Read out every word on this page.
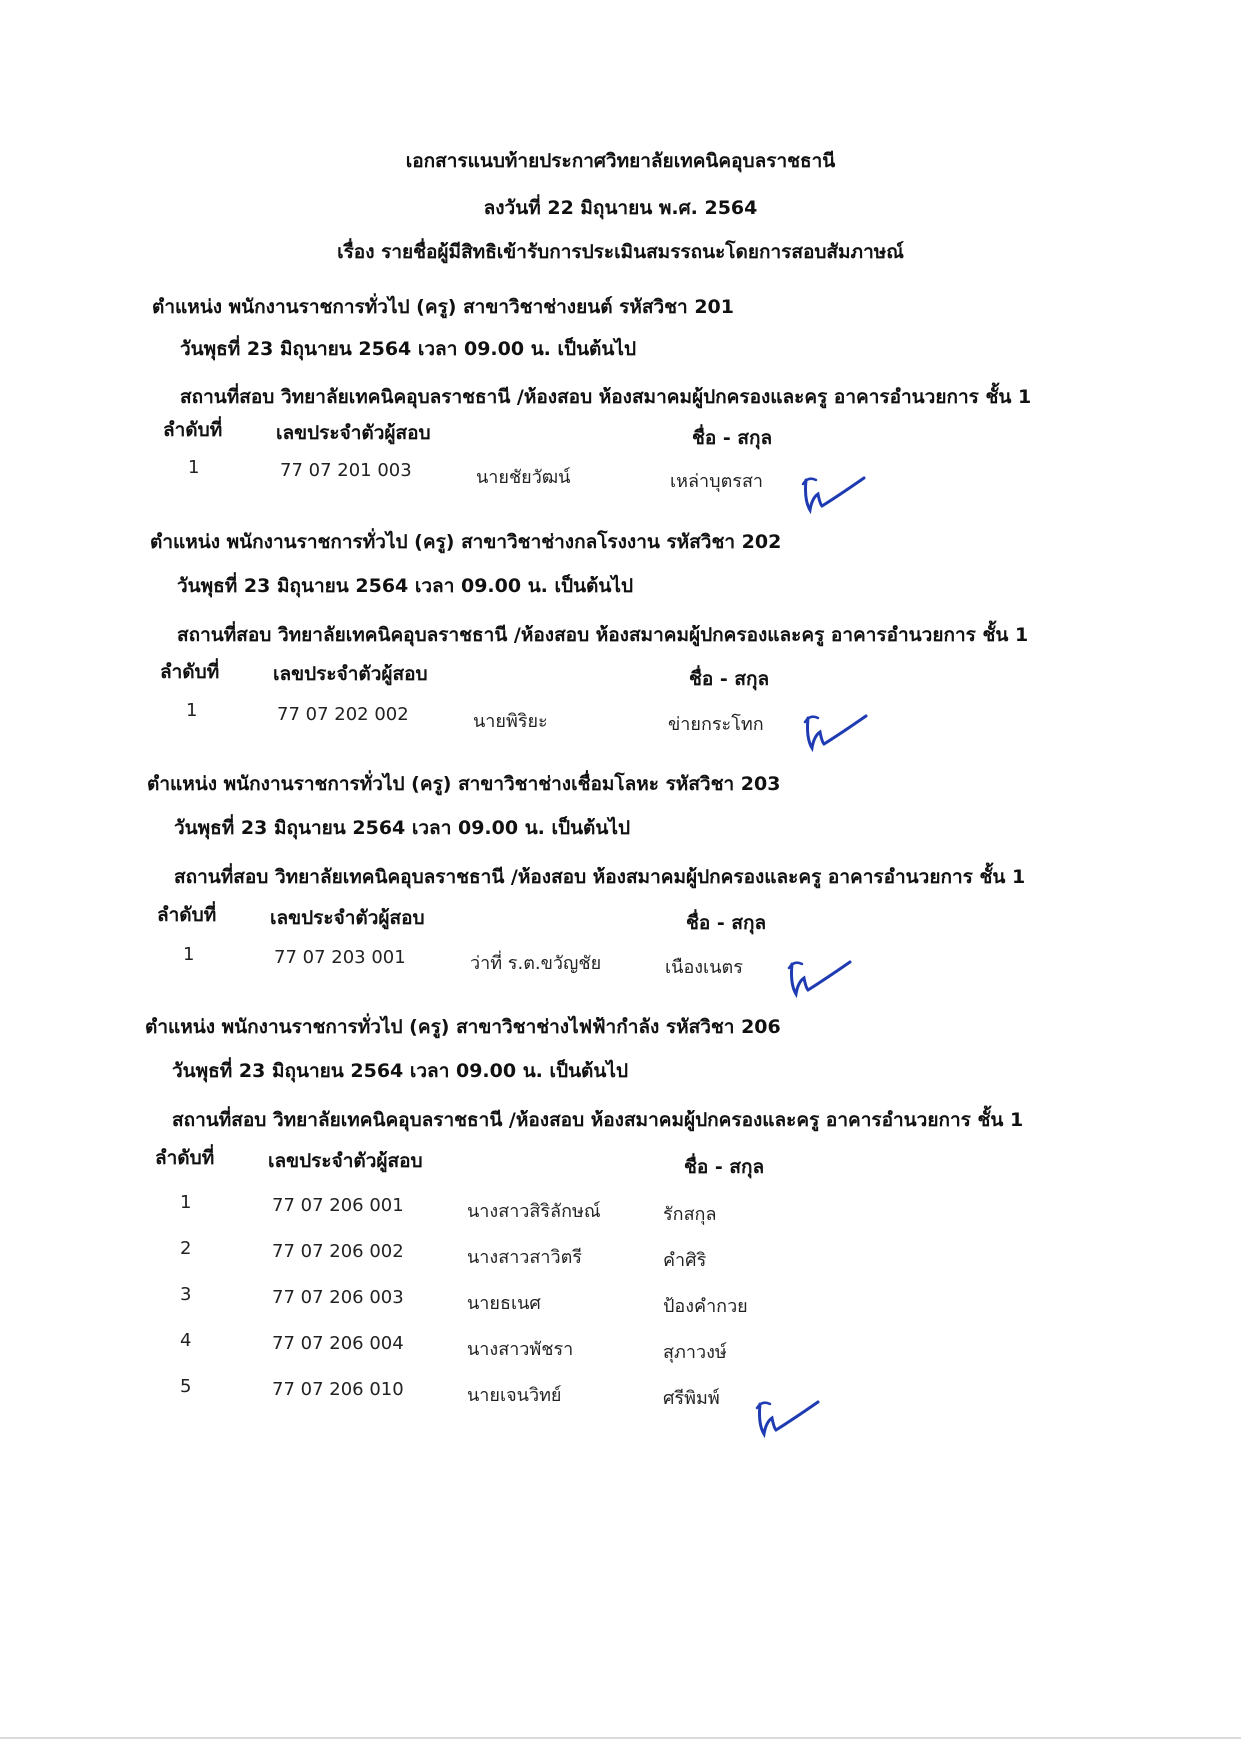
เอกสารแนบท้ายประกาศวิทยาลัยเทคนิคอุบลราชธานี
ลงวันที่ 22 มิถุนายน พ.ศ. 2564
เรื่อง รายชื่อผู้มีสิทธิเข้ารับการประเมินสมรรถนะโดยการสอบสัมภาษณ์
ตำแหน่ง พนักงานราชการทั่วไป (ครู) สาขาวิชาช่างยนต์ รหัสวิชา 201
วันพุธที่ 23 มิถุนายน 2564 เวลา 09.00 น. เป็นต้นไป
สถานที่สอบ วิทยาลัยเทคนิคอุบลราชธานี /ห้องสอบ ห้องสมาคมผู้ปกครองและครู อาคารอำนวยการ ชั้น 1
ลำดับที่	เลขประจำตัวผู้สอบ	ชื่อ - สกุล
1	77 07 201 003	นายชัยวัฒน์	เหล่าบุตรสา
ตำแหน่ง พนักงานราชการทั่วไป (ครู) สาขาวิชาช่างกลโรงงาน รหัสวิชา 202
วันพุธที่ 23 มิถุนายน 2564 เวลา 09.00 น. เป็นต้นไป
สถานที่สอบ วิทยาลัยเทคนิคอุบลราชธานี /ห้องสอบ ห้องสมาคมผู้ปกครองและครู อาคารอำนวยการ ชั้น 1
ลำดับที่	เลขประจำตัวผู้สอบ	ชื่อ - สกุล
1	77 07 202 002	นายพิริยะ	ข่ายกระโทก
ตำแหน่ง พนักงานราชการทั่วไป (ครู) สาขาวิชาช่างเชื่อมโลหะ รหัสวิชา 203
วันพุธที่ 23 มิถุนายน 2564 เวลา 09.00 น. เป็นต้นไป
สถานที่สอบ วิทยาลัยเทคนิคอุบลราชธานี /ห้องสอบ ห้องสมาคมผู้ปกครองและครู อาคารอำนวยการ ชั้น 1
ลำดับที่	เลขประจำตัวผู้สอบ	ชื่อ - สกุล
1	77 07 203 001	ว่าที่ ร.ต.ขวัญชัย	เนืองเนตร
ตำแหน่ง พนักงานราชการทั่วไป (ครู) สาขาวิชาช่างไฟฟ้ากำลัง รหัสวิชา 206
วันพุธที่ 23 มิถุนายน 2564 เวลา 09.00 น. เป็นต้นไป
สถานที่สอบ วิทยาลัยเทคนิคอุบลราชธานี /ห้องสอบ ห้องสมาคมผู้ปกครองและครู อาคารอำนวยการ ชั้น 1
ลำดับที่	เลขประจำตัวผู้สอบ	ชื่อ - สกุล
1	77 07 206 001	นางสาวสิริลักษณ์	รักสกุล
2	77 07 206 002	นางสาวสาวิตรี	คำศิริ
3	77 07 206 003	นายธเนศ	ป้องคำกวย
4	77 07 206 004	นางสาวพัชรา	สุภาวงษ์
5	77 07 206 010	นายเจนวิทย์	ศรีพิมพ์
